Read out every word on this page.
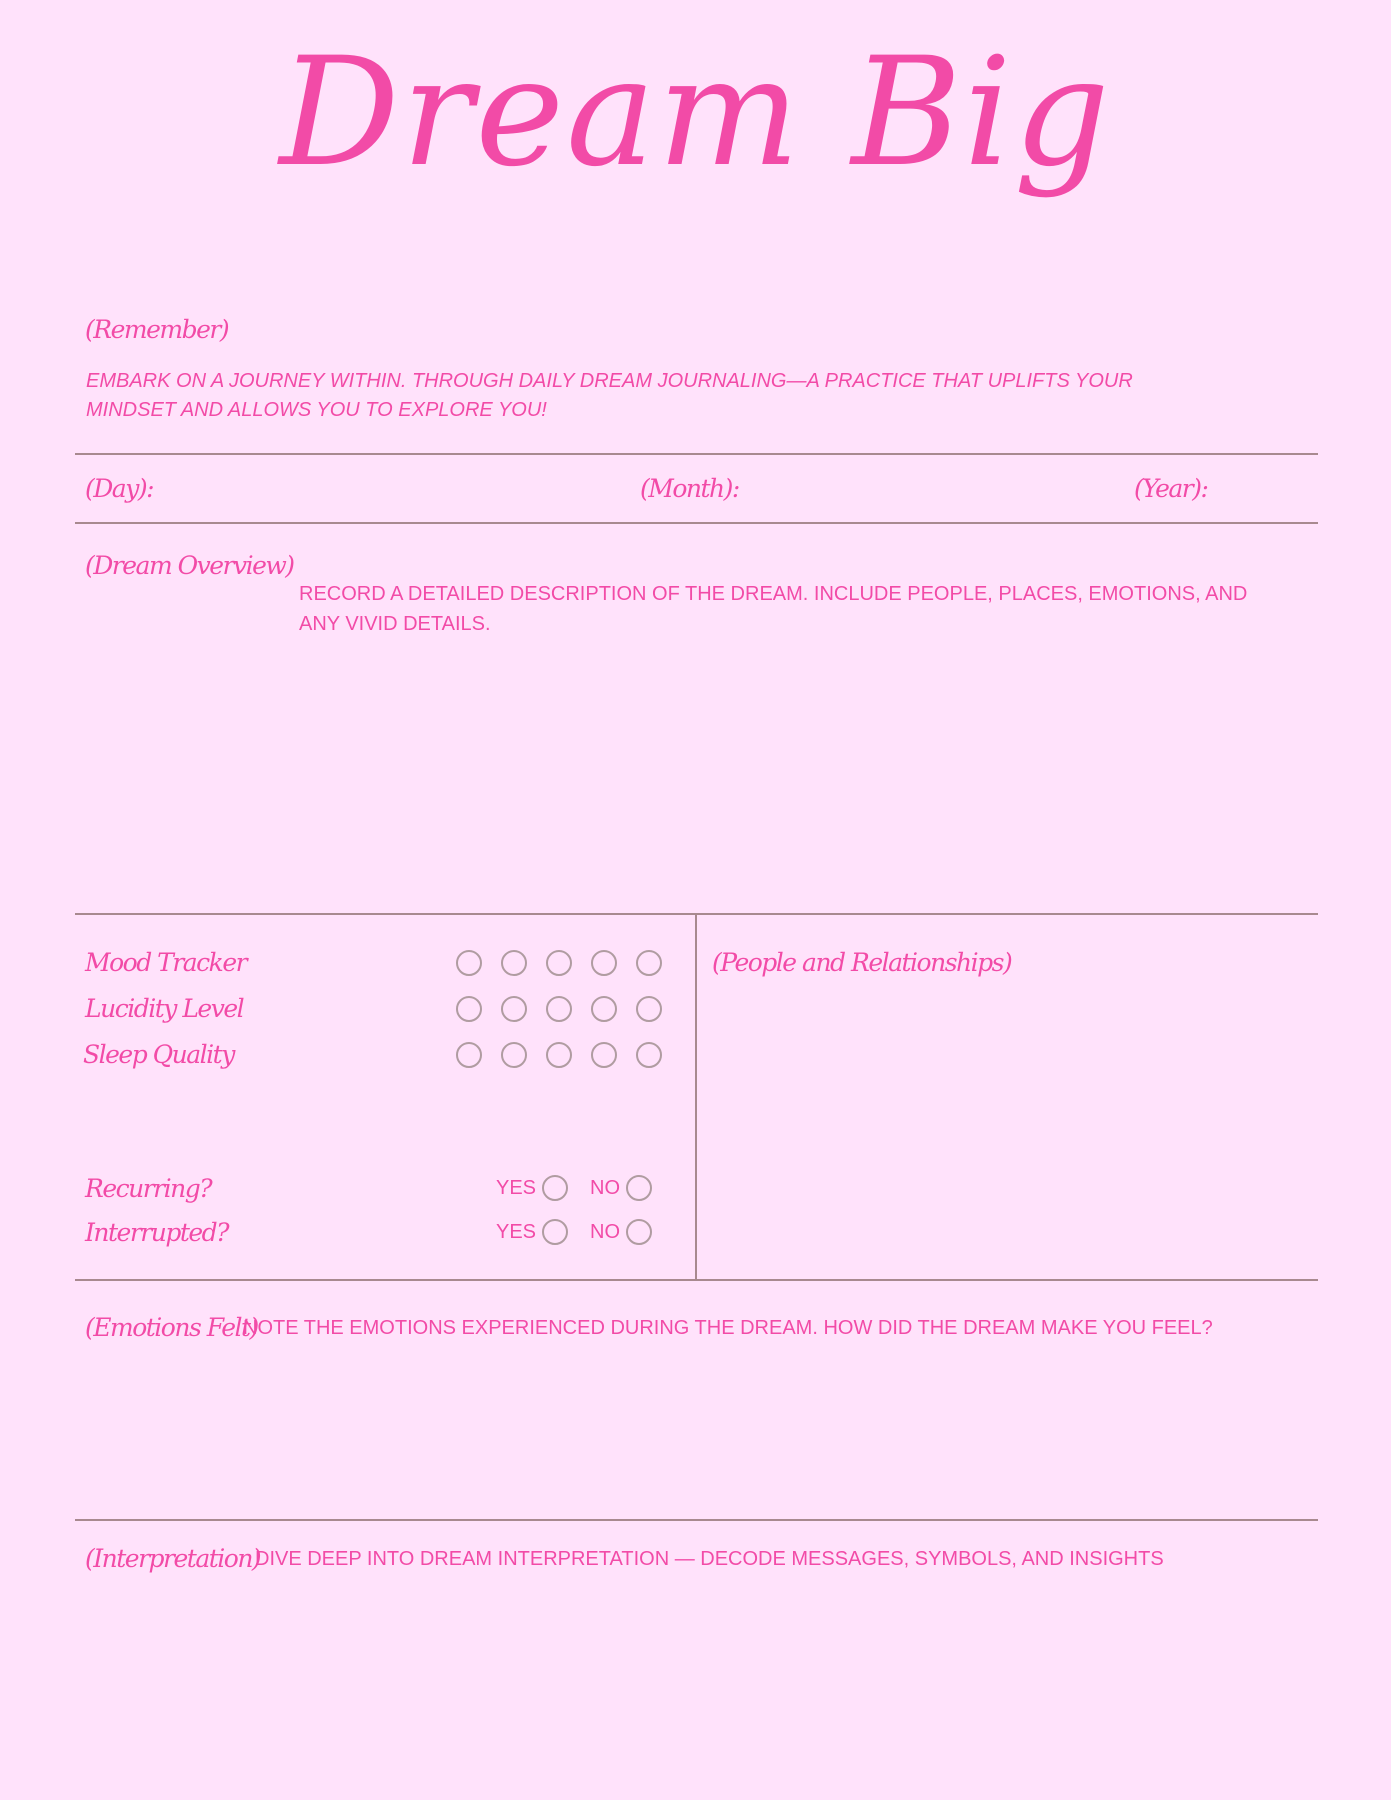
Dream Big
(Remember)
EMBARK ON A JOURNEY WITHIN. THROUGH DAILY DREAM JOURNALING—A PRACTICE THAT UPLIFTS YOUR MINDSET AND ALLOWS YOU TO EXPLORE YOU!
(Day):	(Month):	(Year):
(Dream Overview)
RECORD A DETAILED DESCRIPTION OF THE DREAM. INCLUDE PEOPLE, PLACES, EMOTIONS, AND ANY VIVID DETAILS.
Mood Tracker
Lucidity Level
Sleep Quality
Recurring?	YES	NO
Interrupted?	YES	NO
(People and Relationships)
(Emotions Felt)
NOTE THE EMOTIONS EXPERIENCED DURING THE DREAM. HOW DID THE DREAM MAKE YOU FEEL?
(Interpretation)
DIVE DEEP INTO DREAM INTERPRETATION — DECODE MESSAGES, SYMBOLS, AND INSIGHTS
